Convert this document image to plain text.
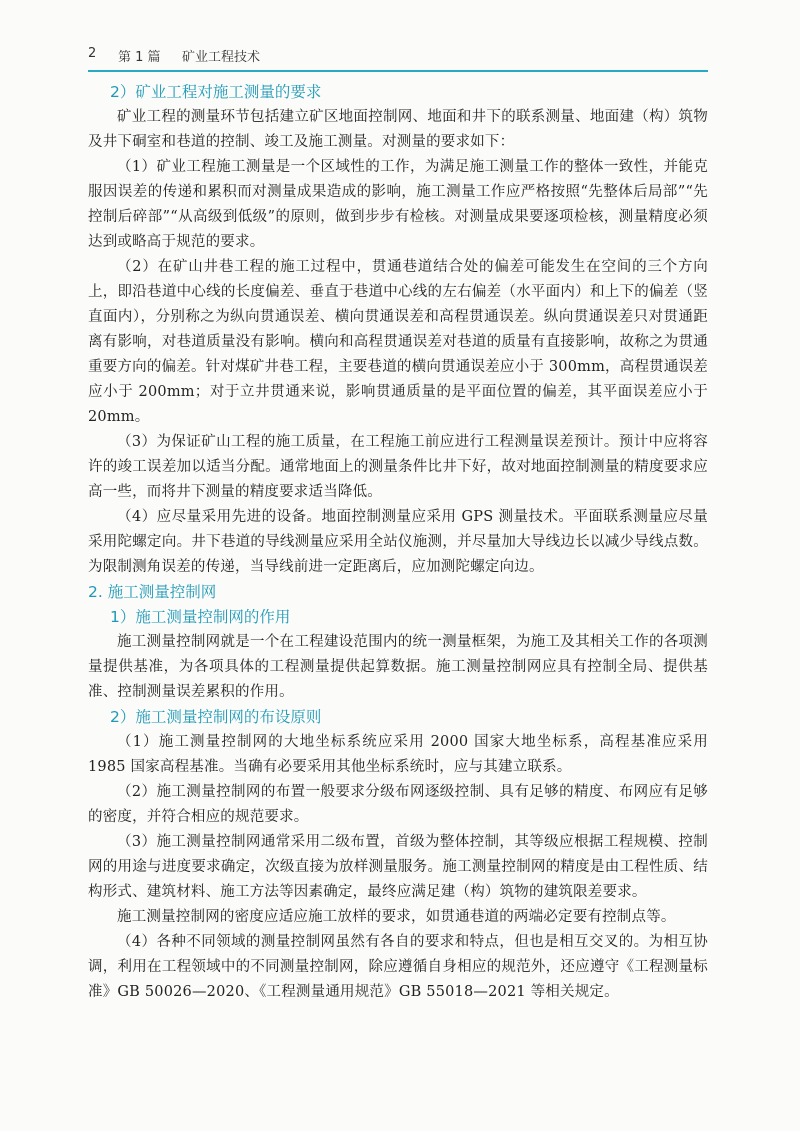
2 第 1 篇 矿业工程技术
2）矿业工程对施工测量的要求

矿业工程的测量环节包括建立矿区地面控制网、地面和井下的联系测量、地面建（构）筑物及井下硐室和巷道的控制、竣工及施工测量。对测量的要求如下：

（1）矿业工程施工测量是一个区域性的工作，为满足施工测量工作的整体一致性，并能克服因误差的传递和累积而对测量成果造成的影响，施工测量工作应严格按照“先整体后局部”“先控制后碎部”“从高级到低级”的原则，做到步步有检核。对测量成果要逐项检核，测量精度必须达到或略高于规范的要求。

（2）在矿山井巷工程的施工过程中，贯通巷道结合处的偏差可能发生在空间的三个方向上，即沿巷道中心线的长度偏差、垂直于巷道中心线的左右偏差（水平面内）和上下的偏差（竖直面内），分别称之为纵向贯通误差、横向贯通误差和高程贯通误差。纵向贯通误差只对贯通距离有影响，对巷道质量没有影响。横向和高程贯通误差对巷道的质量有直接影响，故称之为贯通重要方向的偏差。针对煤矿井巷工程，主要巷道的横向贯通误差应小于 300mm，高程贯通误差应小于 200mm；对于立井贯通来说，影响贯通质量的是平面位置的偏差，其平面误差应小于 20mm。

（3）为保证矿山工程的施工质量，在工程施工前应进行工程测量误差预计。预计中应将容许的竣工误差加以适当分配。通常地面上的测量条件比井下好，故对地面控制测量的精度要求应高一些，而将井下测量的精度要求适当降低。

（4）应尽量采用先进的设备。地面控制测量应采用 GPS 测量技术。平面联系测量应尽量采用陀螺定向。井下巷道的导线测量应采用全站仪施测，并尽量加大导线边长以减少导线点数。为限制测角误差的传递，当导线前进一定距离后，应加测陀螺定向边。

2. 施工测量控制网
1）施工测量控制网的作用

施工测量控制网就是一个在工程建设范围内的统一测量框架，为施工及其相关工作的各项测量提供基准，为各项具体的工程测量提供起算数据。施工测量控制网应具有控制全局、提供基准、控制测量误差累积的作用。

2）施工测量控制网的布设原则

（1）施工测量控制网的大地坐标系统应采用 2000 国家大地坐标系，高程基准应采用 1985 国家高程基准。当确有必要采用其他坐标系统时，应与其建立联系。

（2）施工测量控制网的布置一般要求分级布网逐级控制、具有足够的精度、布网应有足够的密度，并符合相应的规范要求。

（3）施工测量控制网通常采用二级布置，首级为整体控制，其等级应根据工程规模、控制网的用途与进度要求确定，次级直接为放样测量服务。施工测量控制网的精度是由工程性质、结构形式、建筑材料、施工方法等因素确定，最终应满足建（构）筑物的建筑限差要求。

施工测量控制网的密度应适应施工放样的要求，如贯通巷道的两端必定要有控制点等。

（4）各种不同领域的测量控制网虽然有各自的要求和特点，但也是相互交叉的。为相互协调，利用在工程领域中的不同测量控制网，除应遵循自身相应的规范外，还应遵守《工程测量标准》GB 50026—2020、《工程测量通用规范》GB 55018—2021 等相关规定。
